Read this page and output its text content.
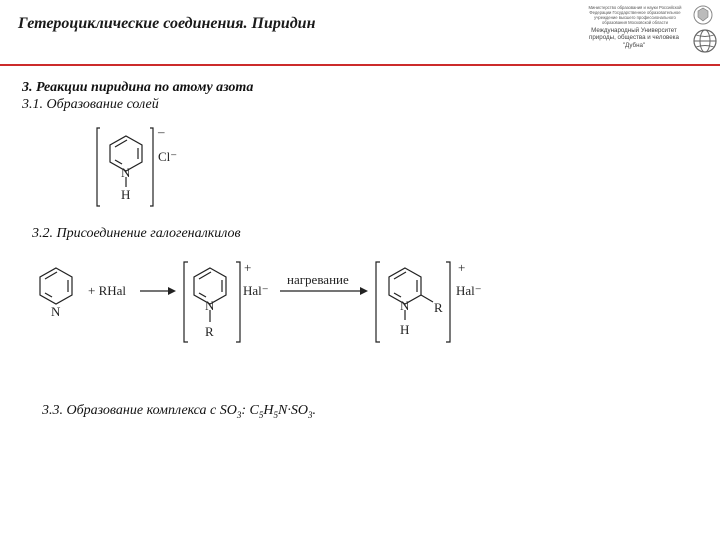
Гетероциклические соединения. Пиридин
Министерство образования и науки Российской Федерации Государственное образовательное учреждение высшего профессионального образования Московской области
Международный Университет природы, общества и человека "Дубна"
3. Реакции пиридина по атому азота
3.1. Образование солей
3.2. Присоединение галогеналкилов
3.3. Образование комплекса с $SO_3$: $C_5H_5N\cdot SO_3$.
N
H
Cl⁻
–
N
+ RHal
N
R
+
Hal⁻
нагревание
N
H
R
+
Hal⁻
